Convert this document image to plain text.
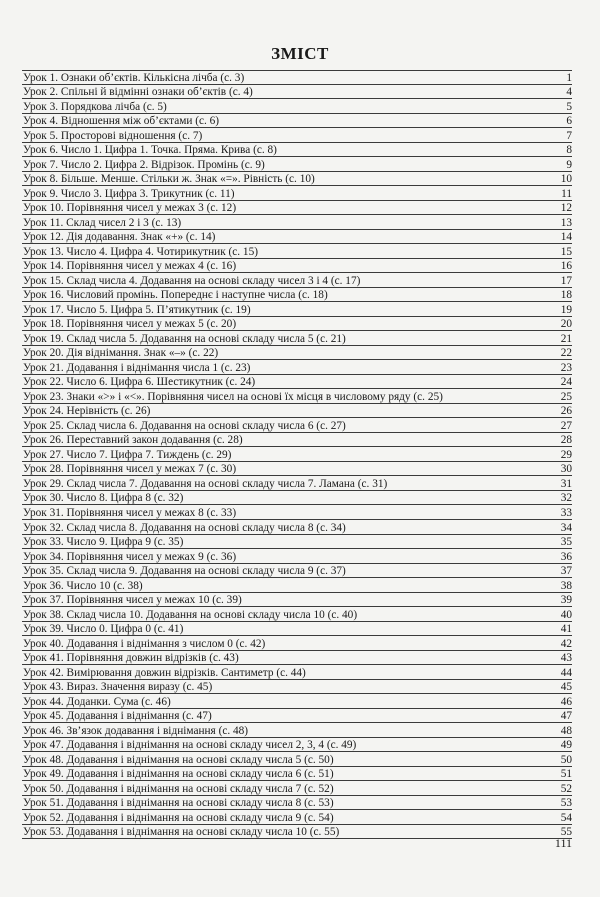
ЗМІСТ
Урок 1. Ознаки об’єктів. Кількісна лічба (с. 3)	1
Урок 2. Спільні й відмінні ознаки об’єктів (с. 4)	4
Урок 3. Порядкова лічба (с. 5)	5
Урок 4. Відношення між об’єктами (с. 6)	6
Урок 5. Просторові відношення (с. 7)	7
Урок 6. Число 1. Цифра 1. Точка. Пряма. Крива (с. 8)	8
Урок 7. Число 2. Цифра 2. Відрізок. Промінь (с. 9)	9
Урок 8. Більше. Менше. Стільки ж. Знак «=». Рівність (с. 10)	10
Урок 9. Число 3. Цифра 3. Трикутник (с. 11)	11
Урок 10. Порівняння чисел у межах 3 (с. 12)	12
Урок 11. Склад чисел 2 і 3 (с. 13)	13
Урок 12. Дія додавання. Знак «+» (с. 14)	14
Урок 13. Число 4. Цифра 4. Чотирикутник (с. 15)	15
Урок 14. Порівняння чисел у межах 4 (с. 16)	16
Урок 15. Склад числа 4. Додавання на основі складу чисел 3 і 4 (с. 17)	17
Урок 16. Числовий промінь. Попереднє і наступне числа (с. 18)	18
Урок 17. Число 5. Цифра 5. П’ятикутник (с. 19)	19
Урок 18. Порівняння чисел у межах 5 (с. 20)	20
Урок 19. Склад числа 5. Додавання на основі складу числа 5 (с. 21)	21
Урок 20. Дія віднімання. Знак «–» (с. 22)	22
Урок 21. Додавання і віднімання числа 1 (с. 23)	23
Урок 22. Число 6. Цифра 6. Шестикутник (с. 24)	24
Урок 23. Знаки «>» і «<». Порівняння чисел на основі їх місця в числовому ряду (с. 25)	25
Урок 24. Нерівність (с. 26)	26
Урок 25. Склад числа 6. Додавання на основі складу числа 6 (с. 27)	27
Урок 26. Переставний закон додавання (с. 28)	28
Урок 27. Число 7. Цифра 7. Тиждень (с. 29)	29
Урок 28. Порівняння чисел у межах 7 (с. 30)	30
Урок 29. Склад числа 7. Додавання на основі складу числа 7. Ламана (с. 31)	31
Урок 30. Число 8. Цифра 8 (с. 32)	32
Урок 31. Порівняння чисел у межах 8 (с. 33)	33
Урок 32. Склад числа 8. Додавання на основі складу числа 8 (с. 34)	34
Урок 33. Число 9. Цифра 9 (с. 35)	35
Урок 34. Порівняння чисел у межах 9 (с. 36)	36
Урок 35. Склад числа 9. Додавання на основі складу числа 9 (с. 37)	37
Урок 36. Число 10 (с. 38)	38
Урок 37. Порівняння чисел у межах 10 (с. 39)	39
Урок 38. Склад числа 10. Додавання на основі складу числа 10 (с. 40)	40
Урок 39. Число 0. Цифра 0 (с. 41)	41
Урок 40. Додавання і віднімання з числом 0 (с. 42)	42
Урок 41. Порівняння довжин відрізків (с. 43)	43
Урок 42. Вимірювання довжин відрізків. Сантиметр (с. 44)	44
Урок 43. Вираз. Значення виразу (с. 45)	45
Урок 44. Доданки. Сума (с. 46)	46
Урок 45. Додавання і віднімання (с. 47)	47
Урок 46. Зв’язок додавання і віднімання (с. 48)	48
Урок 47. Додавання і віднімання на основі складу чисел 2, 3, 4 (с. 49)	49
Урок 48. Додавання і віднімання на основі складу числа 5 (с. 50)	50
Урок 49. Додавання і віднімання на основі складу числа 6 (с. 51)	51
Урок 50. Додавання і віднімання на основі складу числа 7 (с. 52)	52
Урок 51. Додавання і віднімання на основі складу числа 8 (с. 53)	53
Урок 52. Додавання і віднімання на основі складу числа 9 (с. 54)	54
Урок 53. Додавання і віднімання на основі складу числа 10 (с. 55)	55
111
